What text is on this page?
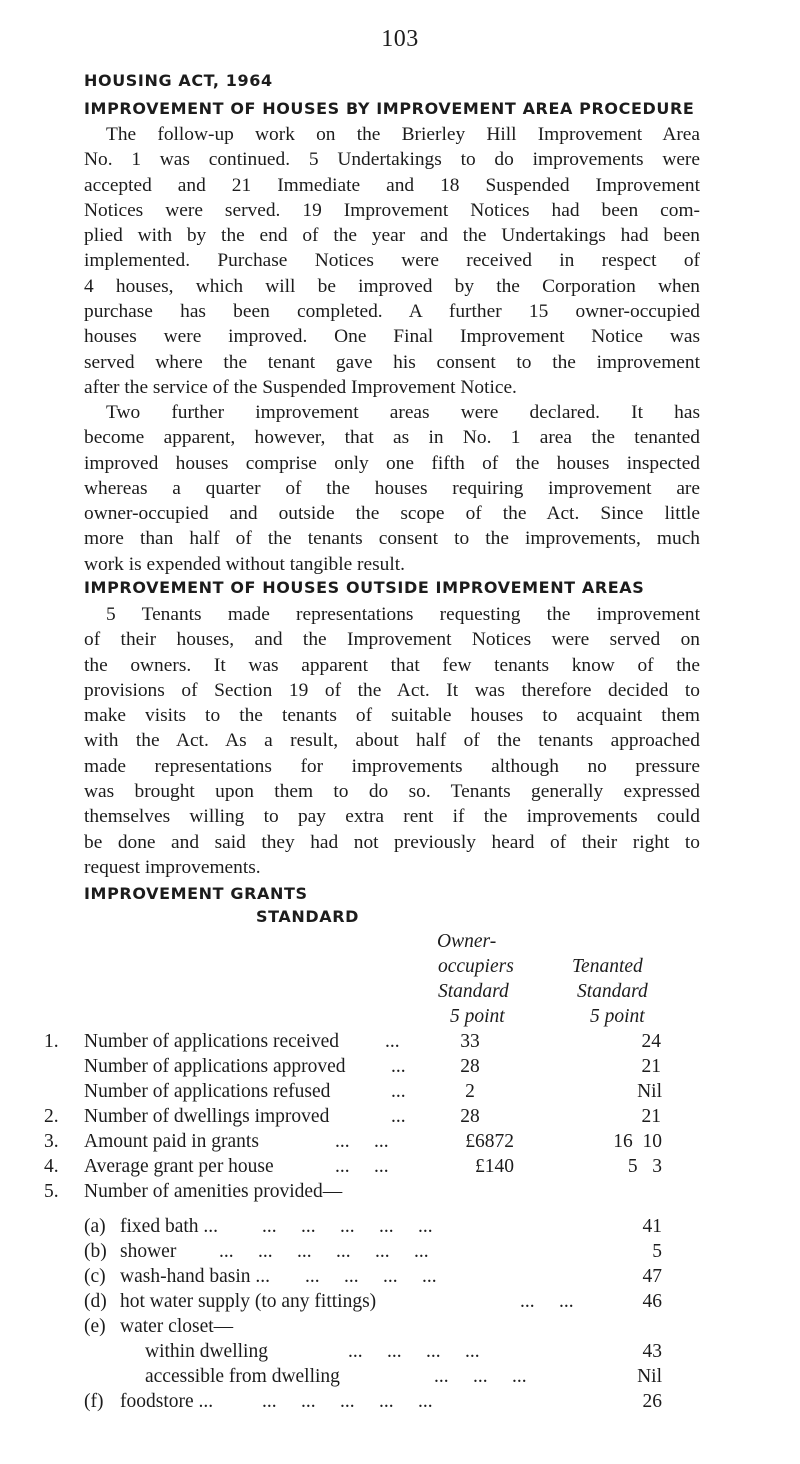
103
HOUSING ACT, 1964
IMPROVEMENT OF HOUSES BY IMPROVEMENT AREA PROCEDURE
The follow-up work on the Brierley Hill Improvement Area
No. 1 was continued. 5 Undertakings to do improvements were
accepted and 21 Immediate and 18 Suspended Improvement
Notices were served. 19 Improvement Notices had been com-
plied with by the end of the year and the Undertakings had been
implemented. Purchase Notices were received in respect of
4 houses, which will be improved by the Corporation when
purchase has been completed. A further 15 owner-occupied
houses were improved. One Final Improvement Notice was
served where the tenant gave his consent to the improvement
after the service of the Suspended Improvement Notice.
Two further improvement areas were declared. It has
become apparent, however, that as in No. 1 area the tenanted
improved houses comprise only one fifth of the houses inspected
whereas a quarter of the houses requiring improvement are
owner-occupied and outside the scope of the Act. Since little
more than half of the tenants consent to the improvements, much
work is expended without tangible result.
IMPROVEMENT OF HOUSES OUTSIDE IMPROVEMENT AREAS
5 Tenants made representations requesting the improvement
of their houses, and the Improvement Notices were served on
the owners. It was apparent that few tenants know of the
provisions of Section 19 of the Act. It was therefore decided to
make visits to the tenants of suitable houses to acquaint them
with the Act. As a result, about half of the tenants approached
made representations for improvements although no pressure
was brought upon them to do so. Tenants generally expressed
themselves willing to pay extra rent if the improvements could
be done and said they had not previously heard of their right to
request improvements.
IMPROVEMENT GRANTS
STANDARD
Owner-
occupiers
Standard
5 point
Tenanted
Standard
5 point
1. Number of applications received ...	33	24
Number of applications approved ...	28	21
Number of applications refused	...	2	Nil
2. Number of dwellings improved	...	28	21
3. Amount paid in grants	...     ...	£6872	16  10
4. Average grant per house	...     ...	£140	5   3
5. Number of amenities provided—
(a) fixed bath ... ...     ...     ...     ...     ...	41
(b) shower ...     ...     ...     ...     ...     ...	5
(c) wash-hand basin ... ...     ...     ...     ...	47
(d) hot water supply (to any fittings)	...     ...	46
(e) water closet—
within dwelling	...     ...     ...     ...	43
accessible from dwelling	...     ...     ...	Nil
(f) foodstore ...	...     ...     ...     ...     ...	26
